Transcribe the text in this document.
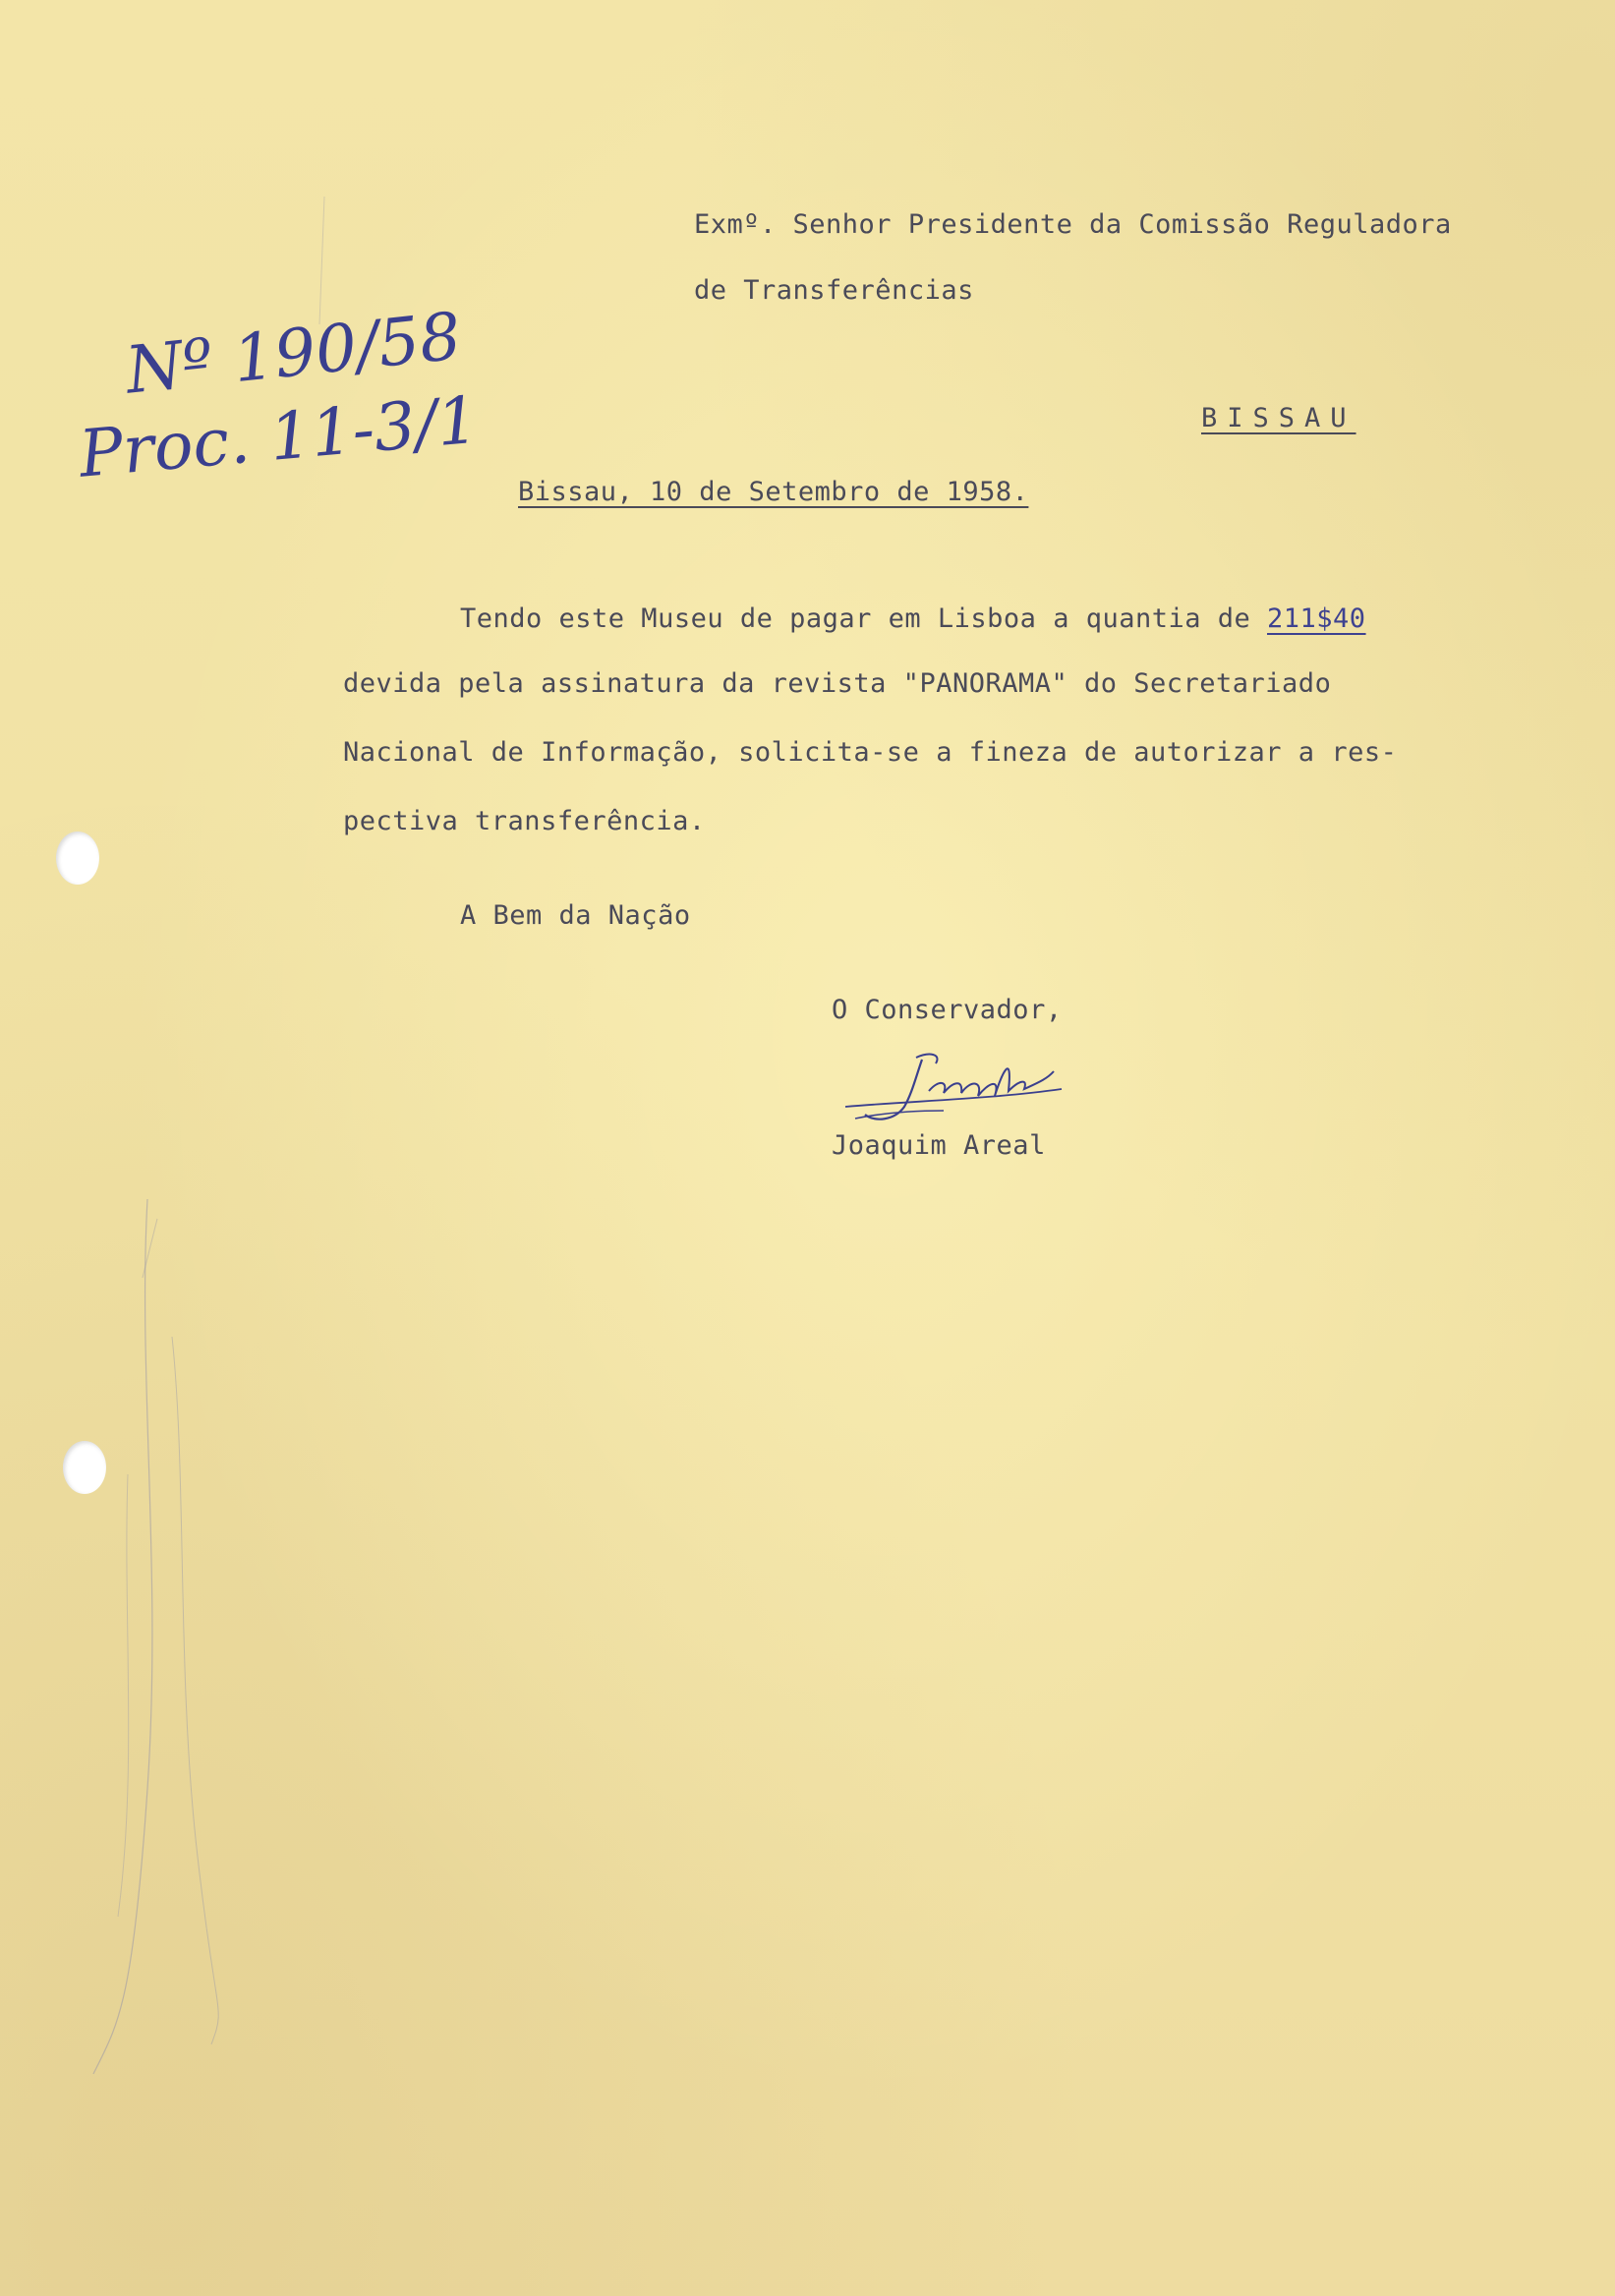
Nº 190/58
Proc. 11-3/1
Exmº. Senhor Presidente da Comissão Reguladora
de Transferências
BISSAU
Bissau, 10 de Setembro de 1958.
Tendo este Museu de pagar em Lisboa a quantia de 211$40
devida pela assinatura da revista "PANORAMA" do Secretariado
Nacional de Informação, solicita-se a fineza de autorizar a res-
pectiva transferência.
A Bem da Nação
O Conservador,
Joaquim Areal
